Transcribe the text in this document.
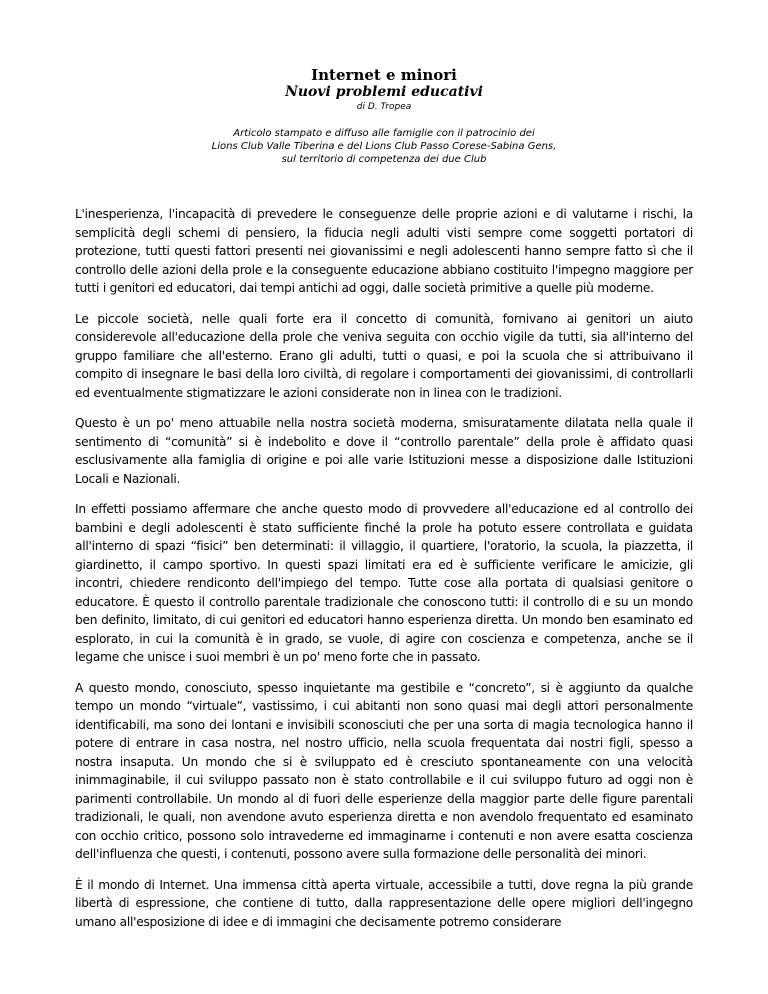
Internet e minori

Nuovi problemi educativi

di D. Tropea

Articolo stampato e diffuso alle famiglie con il patrocinio dei
Lions Club Valle Tiberina e del Lions Club Passo Corese-Sabina Gens,
sul territorio di competenza dei due Club

L'inesperienza, l'incapacità di prevedere le conseguenze delle proprie azioni e di valutarne i rischi, la semplicità degli schemi di pensiero, la fiducia negli adulti visti sempre come soggetti portatori di protezione, tutti questi fattori presenti nei giovanissimi e negli adolescenti hanno sempre fatto sì che il controllo delle azioni della prole e la conseguente educazione abbiano costituito l'impegno maggiore per tutti i genitori ed educatori, dai tempi antichi ad oggi, dalle società primitive a quelle più moderne.

Le piccole società, nelle quali forte era il concetto di comunità, fornivano ai genitori un aiuto considerevole all'educazione della prole che veniva seguita con occhio vigile da tutti, sia all'interno del gruppo familiare che all'esterno. Erano gli adulti, tutti o quasi, e poi la scuola che si attribuivano il compito di insegnare le basi della loro civiltà, di regolare i comportamenti dei giovanissimi, di controllarli ed eventualmente stigmatizzare le azioni considerate non in linea con le tradizioni.

Questo è un po' meno attuabile nella nostra società moderna, smisuratamente dilatata nella quale il sentimento di “comunità” si è indebolito e dove il “controllo parentale” della prole è affidato quasi esclusivamente alla famiglia di origine e poi alle varie Istituzioni messe a disposizione dalle Istituzioni Locali e Nazionali.

In effetti possiamo affermare che anche questo modo di provvedere all'educazione ed al controllo dei bambini e degli adolescenti è stato sufficiente finché la prole ha potuto essere controllata e guidata all'interno di spazi “fisici” ben determinati: il villaggio, il quartiere, l'oratorio, la scuola, la piazzetta, il giardinetto, il campo sportivo. In questi spazi limitati era ed è sufficiente verificare le amicizie, gli incontri, chiedere rendiconto dell'impiego del tempo. Tutte cose alla portata di qualsiasi genitore o educatore. È questo il controllo parentale tradizionale che conoscono tutti: il controllo di e su un mondo ben definito, limitato, di cui genitori ed educatori hanno esperienza diretta. Un mondo ben esaminato ed esplorato, in cui la comunità è in grado, se vuole, di agire con coscienza e competenza, anche se il legame che unisce i suoi membri è un po' meno forte che in passato.

A questo mondo, conosciuto, spesso inquietante ma gestibile e “concreto”, si è aggiunto da qualche tempo un mondo “virtuale”, vastissimo, i cui abitanti non sono quasi mai degli attori personalmente identificabili, ma sono dei lontani e invisibili sconosciuti che per una sorta di magia tecnologica hanno il potere di entrare in casa nostra, nel nostro ufficio, nella scuola frequentata dai nostri figli, spesso a nostra insaputa. Un mondo che si è sviluppato ed è cresciuto spontaneamente con una velocità inimmaginabile, il cui sviluppo passato non è stato controllabile e il cui sviluppo futuro ad oggi non è parimenti controllabile. Un mondo al di fuori delle esperienze della maggior parte delle figure parentali tradizionali, le quali, non avendone avuto esperienza diretta e non avendolo frequentato ed esaminato con occhio critico, possono solo intravederne ed immaginarne i contenuti e non avere esatta coscienza dell'influenza che questi, i contenuti, possono avere sulla formazione delle personalità dei minori.

È il mondo di Internet. Una immensa città aperta virtuale, accessibile a tutti, dove regna la più grande libertà di espressione, che contiene di tutto, dalla rappresentazione delle opere migliori dell'ingegno umano all'esposizione di idee e di immagini che decisamente potremo considerare
